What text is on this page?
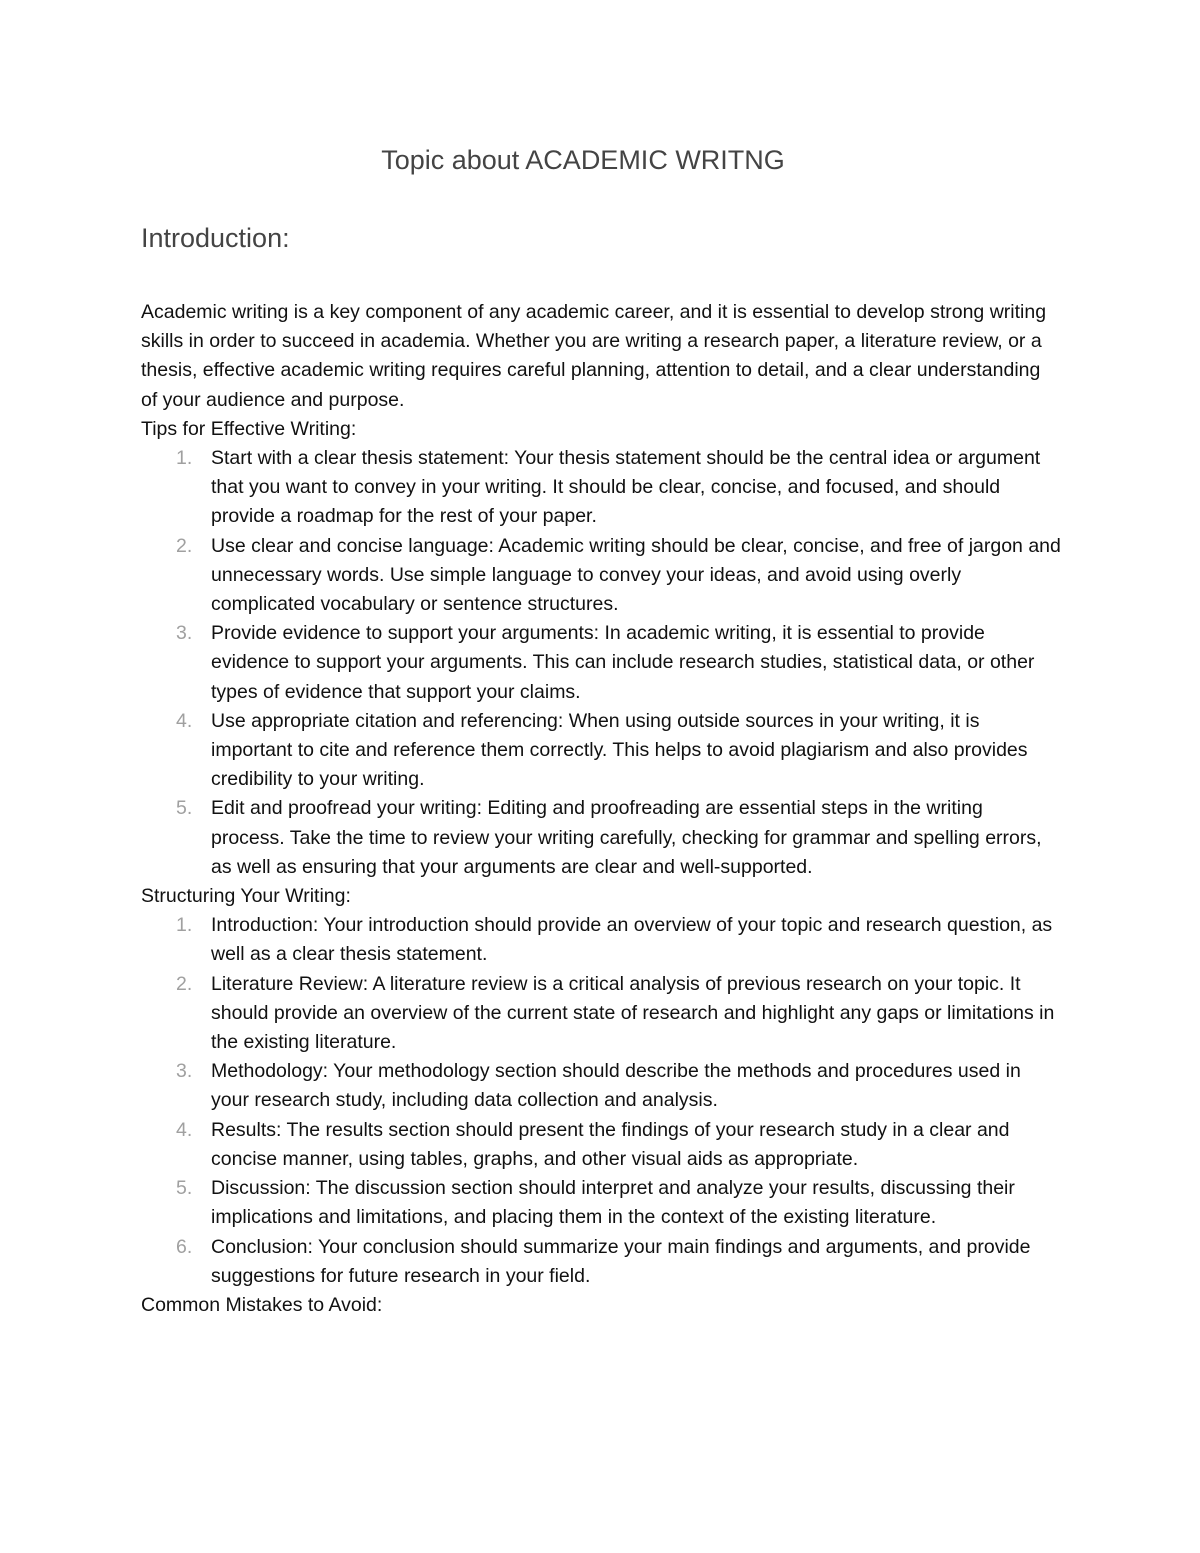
Topic about ACADEMIC WRITNG
Introduction:

Academic writing is a key component of any academic career, and it is essential to develop strong writing skills in order to succeed in academia. Whether you are writing a research paper, a literature review, or a thesis, effective academic writing requires careful planning, attention to detail, and a clear understanding of your audience and purpose.

Tips for Effective Writing:

1. Start with a clear thesis statement: Your thesis statement should be the central idea or argument that you want to convey in your writing. It should be clear, concise, and focused, and should provide a roadmap for the rest of your paper.
2. Use clear and concise language: Academic writing should be clear, concise, and free of jargon and unnecessary words. Use simple language to convey your ideas, and avoid using overly complicated vocabulary or sentence structures.
3. Provide evidence to support your arguments: In academic writing, it is essential to provide evidence to support your arguments. This can include research studies, statistical data, or other types of evidence that support your claims.
4. Use appropriate citation and referencing: When using outside sources in your writing, it is important to cite and reference them correctly. This helps to avoid plagiarism and also provides credibility to your writing.
5. Edit and proofread your writing: Editing and proofreading are essential steps in the writing process. Take the time to review your writing carefully, checking for grammar and spelling errors, as well as ensuring that your arguments are clear and well-supported.

Structuring Your Writing:

1. Introduction: Your introduction should provide an overview of your topic and research question, as well as a clear thesis statement.
2. Literature Review: A literature review is a critical analysis of previous research on your topic. It should provide an overview of the current state of research and highlight any gaps or limitations in the existing literature.
3. Methodology: Your methodology section should describe the methods and procedures used in your research study, including data collection and analysis.
4. Results: The results section should present the findings of your research study in a clear and concise manner, using tables, graphs, and other visual aids as appropriate.
5. Discussion: The discussion section should interpret and analyze your results, discussing their implications and limitations, and placing them in the context of the existing literature.
6. Conclusion: Your conclusion should summarize your main findings and arguments, and provide suggestions for future research in your field.

Common Mistakes to Avoid:
